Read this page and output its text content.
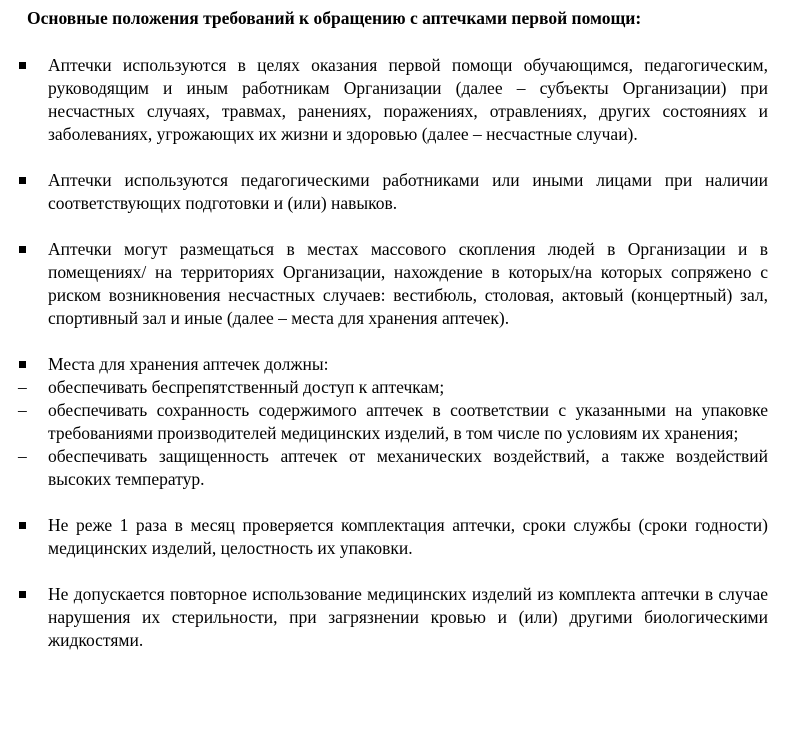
Основные положения требований к обращению с аптечками первой помощи:
Аптечки используются в целях оказания первой помощи обучающимся, педагогическим, руководящим и иным работникам Организации (далее – субъекты Организации) при несчастных случаях, травмах, ранениях, поражениях, отравлениях, других состояниях и заболеваниях, угрожающих их жизни и здоровью (далее – несчастные случаи).
Аптечки используются педагогическими работниками или иными лицами при наличии соответствующих подготовки и (или) навыков.
Аптечки могут размещаться в местах массового скопления людей в Организации и в помещениях/ на территориях Организации, нахождение в которых/на которых сопряжено с риском возникновения несчастных случаев: вестибюль, столовая, актовый (концертный) зал, спортивный зал и иные (далее – места для хранения аптечек).
Места для хранения аптечек должны:
– обеспечивать беспрепятственный доступ к аптечкам;
– обеспечивать сохранность содержимого аптечек в соответствии с указанными на упаковке требованиями производителей медицинских изделий, в том числе по условиям их хранения;
– обеспечивать защищенность аптечек от механических воздействий, а также воздействий высоких температур.
Не реже 1 раза в месяц проверяется комплектация аптечки, сроки службы (сроки годности) медицинских изделий, целостность их упаковки.
Не допускается повторное использование медицинских изделий из комплекта аптечки в случае нарушения их стерильности, при загрязнении кровью и (или) другими биологическими жидкостями.
